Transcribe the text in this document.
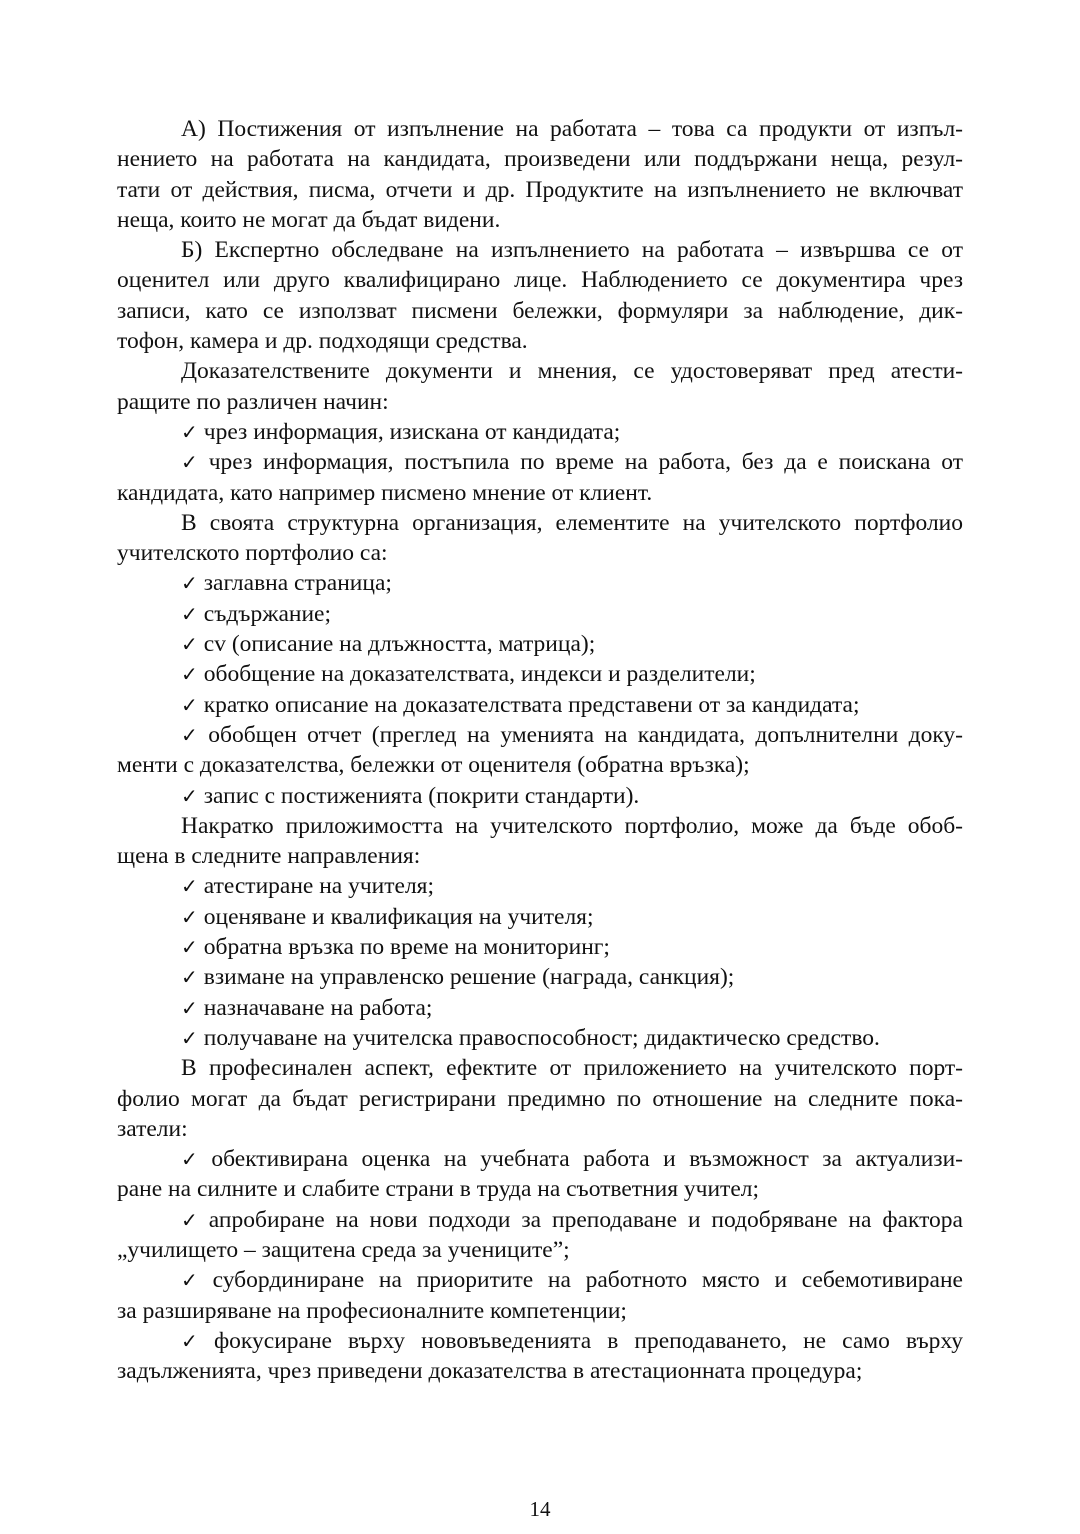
А) Постижения от изпълнение на работата – това са продукти от изпъл-
нението на работата на кандидата, произведени или поддържани неща, резул-
тати от действия, писма, отчети и др. Продуктите на изпълнението не включват
неща, които не могат да бъдат видени.
Б) Експертно обследване на изпълнението на работата – извършва се от
оценител или друго квалифицирано лице. Наблюдението се документира чрез
записи, като се използват писмени бележки, формуляри за наблюдение, дик-
тофон, камера и др. подходящи средства.
Доказателствените документи и мнения, се удостоверяват пред атести-
ращите по различен начин:
✓ чрез информация, изискана от кандидата;
✓ чрез информация, постъпила по време на работа, без да е поискана от
кандидата, като например писмено мнение от клиент.
В своята структурна организация, елементите на учителското портфолио
учителското портфолио са:
✓ заглавна страница;
✓ съдържание;
✓ cv (описание на длъжността, матрица);
✓ обобщение на доказателствата, индекси и разделители;
✓ кратко описание на доказателствата представени от за кандидата;
✓ обобщен отчет (преглед на уменията на кандидата, допълнителни доку-
менти с доказателства, бележки от оценителя (обратна връзка);
✓ запис с постиженията (покрити стандарти).
Накратко приложимостта на учителското портфолио, може да бъде обоб-
щена в следните направления:
✓ атестиране на учителя;
✓ оценяване и квалификация на учителя;
✓ обратна връзка по време на мониторинг;
✓ взимане на управленско решение (награда, санкция);
✓ назначаване на работа;
✓ получаване на учителска правоспособност; дидактическо средство.
В професинален аспект, ефектите от приложението на учителското порт-
фолио могат да бъдат регистрирани предимно по отношение на следните пока-
затели:
✓ обективирана оценка на учебната работа и възможност за актуализи-
ране на силните и слабите страни в труда на съответния учител;
✓ апробиране на нови подходи за преподаване и подобряване на фактора
„училището – защитена среда за учениците”;
✓ субординиране на приоритите на работното място и себемотивиране
за разширяване на професионалните компетенции;
✓ фокусиране върху нововъведенията в преподаването, не само върху
задълженията, чрез приведени доказателства в атестационната процедура;
14
